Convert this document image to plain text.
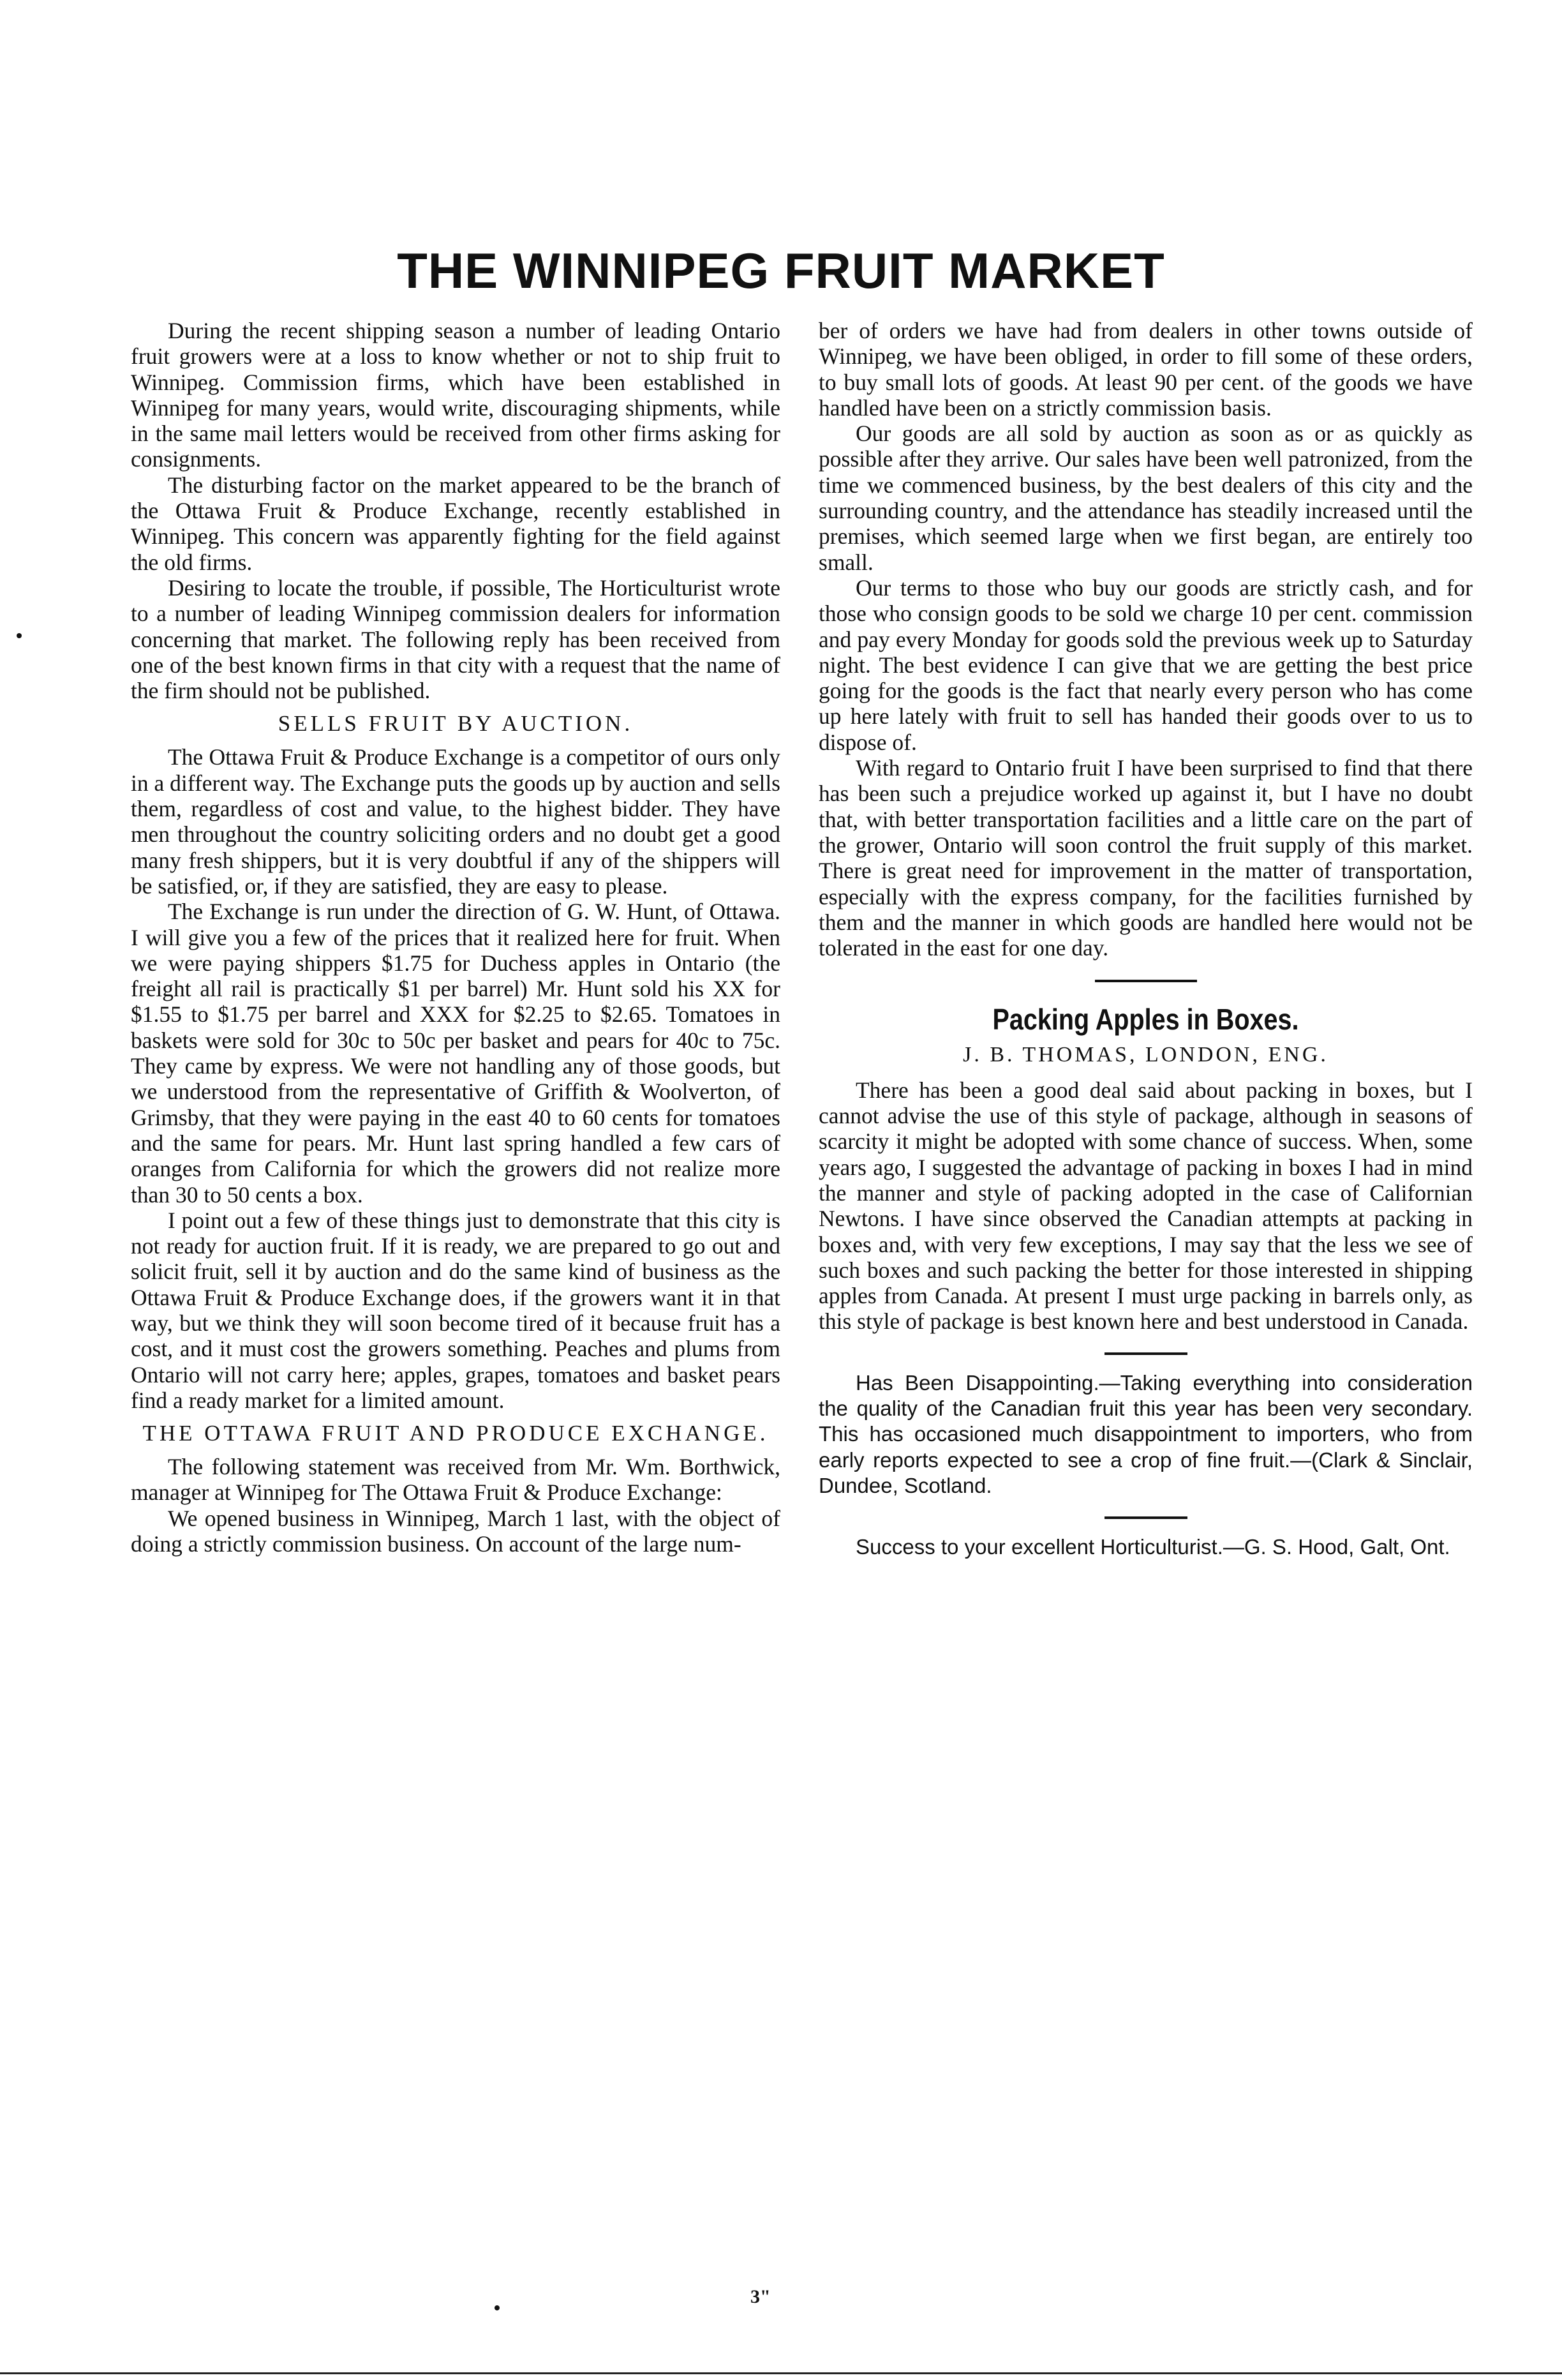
THE WINNIPEG FRUIT MARKET

During the recent shipping season a number of leading Ontario fruit growers were at a loss to know whether or not to ship fruit to Winnipeg. Commission firms, which have been established in Winnipeg for many years, would write, discouraging shipments, while in the same mail letters would be received from other firms asking for consignments.

The disturbing factor on the market appeared to be the branch of the Ottawa Fruit & Produce Exchange, recently established in Winnipeg. This concern was apparently fighting for the field against the old firms.

Desiring to locate the trouble, if possible, The Horticulturist wrote to a number of leading Winnipeg commission dealers for information concerning that market. The following reply has been received from one of the best known firms in that city with a request that the name of the firm should not be published.

SELLS FRUIT BY AUCTION.

The Ottawa Fruit & Produce Exchange is a competitor of ours only in a different way. The Exchange puts the goods up by auction and sells them, regardless of cost and value, to the highest bidder. They have men throughout the country soliciting orders and no doubt get a good many fresh shippers, but it is very doubtful if any of the shippers will be satisfied, or, if they are satisfied, they are easy to please.

The Exchange is run under the direction of G. W. Hunt, of Ottawa. I will give you a few of the prices that it realized here for fruit. When we were paying shippers $1.75 for Duchess apples in Ontario (the freight all rail is practically $1 per barrel) Mr. Hunt sold his XX for $1.55 to $1.75 per barrel and XXX for $2.25 to $2.65. Tomatoes in baskets were sold for 30c to 50c per basket and pears for 40c to 75c. They came by express. We were not handling any of those goods, but we understood from the representative of Griffith & Woolverton, of Grimsby, that they were paying in the east 40 to 60 cents for tomatoes and the same for pears. Mr. Hunt last spring handled a few cars of oranges from California for which the growers did not realize more than 30 to 50 cents a box.

I point out a few of these things just to demonstrate that this city is not ready for auction fruit. If it is ready, we are prepared to go out and solicit fruit, sell it by auction and do the same kind of business as the Ottawa Fruit & Produce Exchange does, if the growers want it in that way, but we think they will soon become tired of it because fruit has a cost, and it must cost the growers something. Peaches and plums from Ontario will not carry here; apples, grapes, tomatoes and basket pears find a ready market for a limited amount.

THE OTTAWA FRUIT AND PRODUCE EXCHANGE.

The following statement was received from Mr. Wm. Borthwick, manager at Winnipeg for The Ottawa Fruit & Produce Exchange:

We opened business in Winnipeg, March 1 last, with the object of doing a strictly commission business. On account of the large num-

ber of orders we have had from dealers in other towns outside of Winnipeg, we have been obliged, in order to fill some of these orders, to buy small lots of goods. At least 90 per cent. of the goods we have handled have been on a strictly commission basis.

Our goods are all sold by auction as soon as or as quickly as possible after they arrive. Our sales have been well patronized, from the time we commenced business, by the best dealers of this city and the surrounding country, and the attendance has steadily increased until the premises, which seemed large when we first began, are entirely too small.

Our terms to those who buy our goods are strictly cash, and for those who consign goods to be sold we charge 10 per cent. commission and pay every Monday for goods sold the previous week up to Saturday night. The best evidence I can give that we are getting the best price going for the goods is the fact that nearly every person who has come up here lately with fruit to sell has handed their goods over to us to dispose of.

With regard to Ontario fruit I have been surprised to find that there has been such a prejudice worked up against it, but I have no doubt that, with better transportation facilities and a little care on the part of the grower, Ontario will soon control the fruit supply of this market. There is great need for improvement in the matter of transportation, especially with the express company, for the facilities furnished by them and the manner in which goods are handled here would not be tolerated in the east for one day.

Packing Apples in Boxes.

J. B. THOMAS, LONDON, ENG.

There has been a good deal said about packing in boxes, but I cannot advise the use of this style of package, although in seasons of scarcity it might be adopted with some chance of success. When, some years ago, I suggested the advantage of packing in boxes I had in mind the manner and style of packing adopted in the case of Californian Newtons. I have since observed the Canadian attempts at packing in boxes and, with very few exceptions, I may say that the less we see of such boxes and such packing the better for those interested in shipping apples from Canada. At present I must urge packing in barrels only, as this style of package is best known here and best understood in Canada.

Has Been Disappointing.—Taking everything into consideration the quality of the Canadian fruit this year has been very secondary. This has occasioned much disappointment to importers, who from early reports expected to see a crop of fine fruit.—(Clark & Sinclair, Dundee, Scotland.

Success to your excellent Horticulturist.—G. S. Hood, Galt, Ont.

3"
